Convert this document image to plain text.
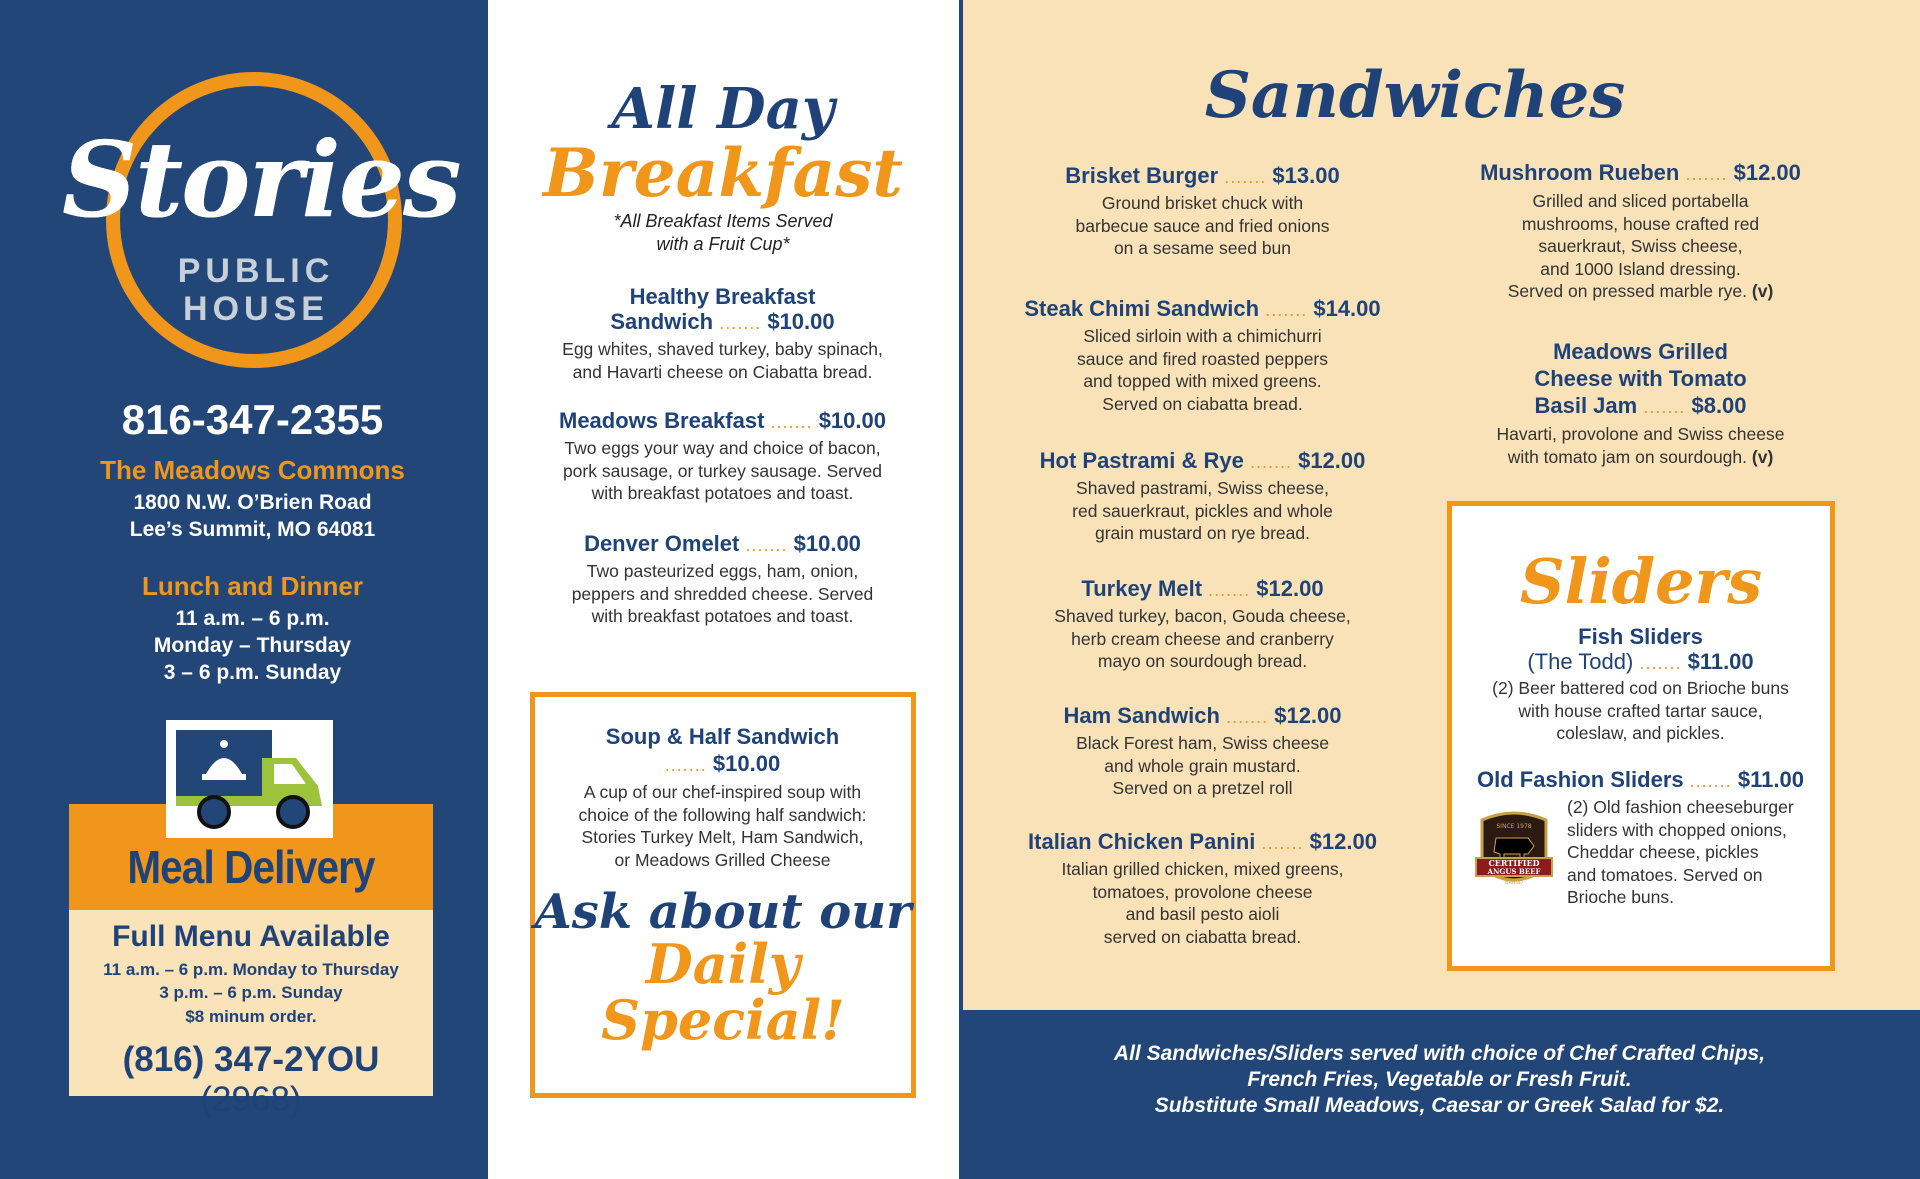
Stories
PUBLIC
HOUSE
816-347-2355
The Meadows Commons
1800 N.W. O’Brien Road
Lee’s Summit, MO 64081
Lunch and Dinner
11 a.m. – 6 p.m.
Monday – Thursday
3 – 6 p.m. Sunday
Meal Delivery
Full Menu Available
11 a.m. – 6 p.m. Monday to Thursday
3 p.m. – 6 p.m. Sunday
$8 minum order.
(816) 347-2YOU (2968)
All Day
Breakfast
*All Breakfast Items Served
with a Fruit Cup*
Healthy Breakfast
Sandwich ....... $10.00
Egg whites, shaved turkey, baby spinach,
and Havarti cheese on Ciabatta bread.
Meadows Breakfast ....... $10.00
Two eggs your way and choice of bacon,
pork sausage, or turkey sausage. Served
with breakfast potatoes and toast.
Denver Omelet ....... $10.00
Two pasteurized eggs, ham, onion,
peppers and shredded cheese. Served
with breakfast potatoes and toast.
Soup & Half Sandwich
....... $10.00
A cup of our chef-inspired soup with
choice of the following half sandwich:
Stories Turkey Melt, Ham Sandwich,
or Meadows Grilled Cheese
Ask about our
Daily
Special!
Sandwiches
Brisket Burger ....... $13.00
Ground brisket chuck with
barbecue sauce and fried onions
on a sesame seed bun
Steak Chimi Sandwich ....... $14.00
Sliced sirloin with a chimichurri
sauce and fired roasted peppers
and topped with mixed greens.
Served on ciabatta bread.
Hot Pastrami & Rye ....... $12.00
Shaved pastrami, Swiss cheese,
red sauerkraut, pickles and whole
grain mustard on rye bread.
Turkey Melt ....... $12.00
Shaved turkey, bacon, Gouda cheese,
herb cream cheese and cranberry
mayo on sourdough bread.
Ham Sandwich ....... $12.00
Black Forest ham, Swiss cheese
and whole grain mustard.
Served on a pretzel roll
Italian Chicken Panini ....... $12.00
Italian grilled chicken, mixed greens,
tomatoes, provolone cheese
and basil pesto aioli
served on ciabatta bread.
Mushroom Rueben ....... $12.00
Grilled and sliced portabella
mushrooms, house crafted red
sauerkraut, Swiss cheese,
and 1000 Island dressing.
Served on pressed marble rye. (v)
Meadows Grilled
Cheese with Tomato
Basil Jam ....... $8.00
Havarti, provolone and Swiss cheese
with tomato jam on sourdough. (v)
Sliders
Fish Sliders
(The Todd) ....... $11.00
(2) Beer battered cod on Brioche buns
with house crafted tartar sauce,
coleslaw, and pickles.
Old Fashion Sliders ....... $11.00
SINCE 1978
CERTIFIED
ANGUS BEEF
BRAND
(2) Old fashion cheeseburger
sliders with chopped onions,
Cheddar cheese, pickles
and tomatoes. Served on
Brioche buns.
All Sandwiches/Sliders served with choice of Chef Crafted Chips,
French Fries, Vegetable or Fresh Fruit.
Substitute Small Meadows, Caesar or Greek Salad for $2.
